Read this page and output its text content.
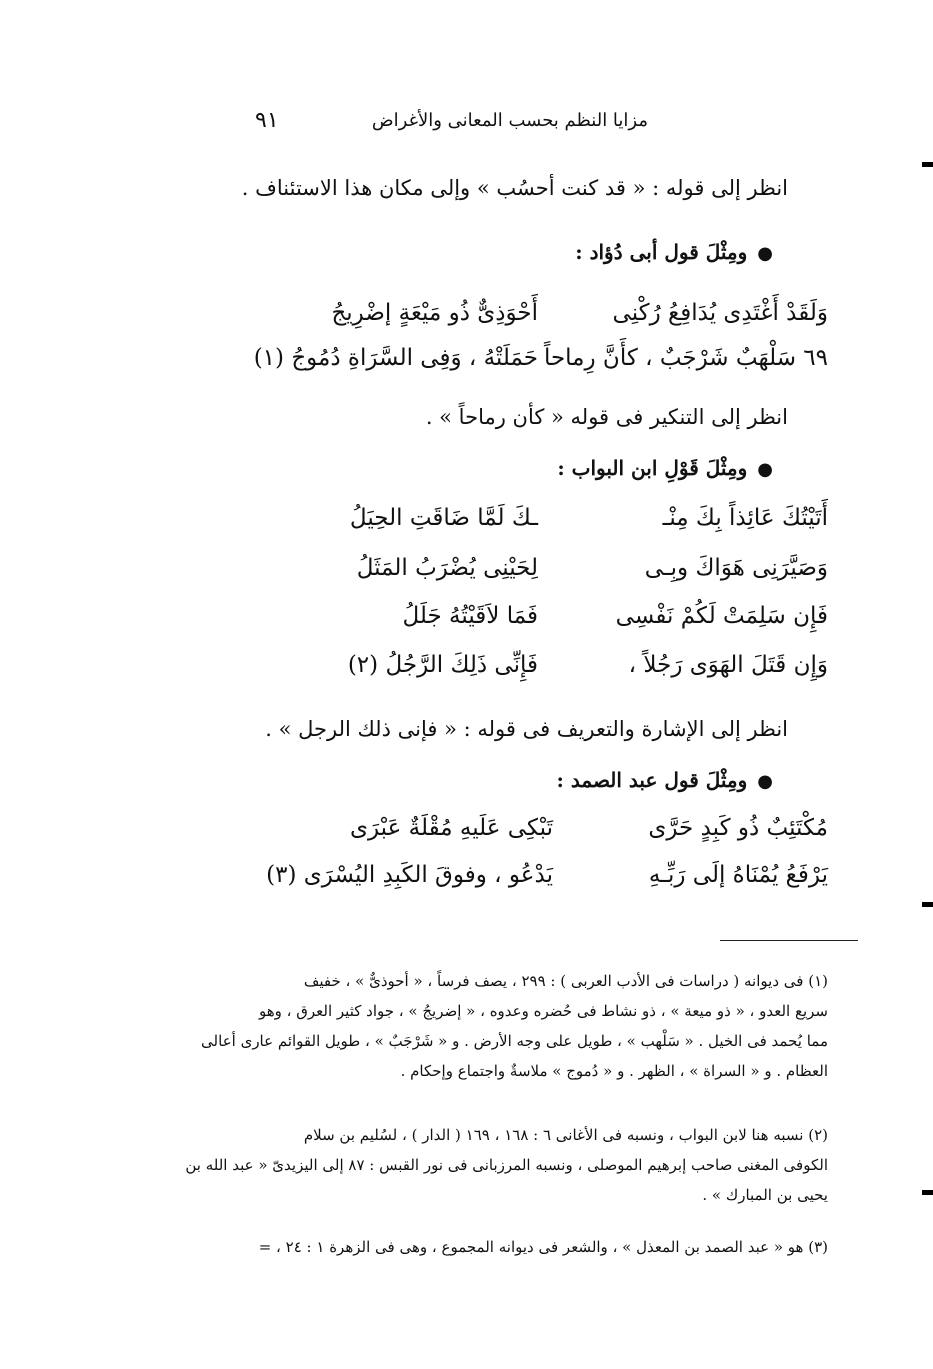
مزايا النظم بحسب المعانى والأغراض
٩١
انظر إلى قوله : « قد كنت أحسُب » وإلى مكان هذا الاستئناف .
●ومِثْلَ قول أبى دُؤاد :
وَلَقَدْ أَغْتَدِى يُدَافِعُ رُكْنِى
أَحْوَذِىٌّ ذُو مَيْعَةٍ إضْرِيجُ
٦٩ سَلْهَبٌ شَرْجَبٌ ، كأَنَّ رِماحاً
حَمَلَتْهُ ، وَفِى السَّرَاةِ دُمُوجُ (١)
انظر إلى التنكير فى قوله « كأن رماحاً » .
●ومِثْلَ قَوْلِ ابن البواب :
أَتَيْتُكَ عَائِذاً بِكَ مِنْـ
ـكَ لَمَّا ضَاقَتِ الحِيَلُ
وَصَيَّرَنِى هَوَاكَ وبِـى
لِحَيْنِى يُضْرَبُ المَثَلُ
فَإِن سَلِمَتْ لَكُمْ نَفْسِى
فَمَا لاَقَيْتُهُ جَلَلُ
وَإِن قَتَلَ الهَوَى رَجُلاً ،
فَإِنِّى ذَلِكَ الرَّجُلُ (٢)
انظر إلى الإشارة والتعريف فى قوله : « فإنى ذلك الرجل » .
●ومِثْلَ قول عبد الصمد :
مُكْتَئِبٌ ذُو كَبِدٍ حَرَّى
تَبْكِى عَلَيهِ مُقْلَةٌ عَبْرَى
يَرْفَعُ يُمْنَاهُ إلَى رَبِّـهِ
يَدْعُو ، وفوقَ الكَبِدِ اليُسْرَى (٣)

(١) فى ديوانه ( دراسات فى الأدب العربى ) : ٢٩٩ ، يصف فرساً ، « أحوذىٌّ » ، خفيف

سريع العدو ، « ذو ميعة » ، ذو نشاط فى حُضره وعدوه ، « إضريجُ » ، جواد كثير العرق ، وهو

مما يُحمد فى الخيل . « سَلْهب » ، طويل على وجه الأرض . و « شَرْجَبٌ » ، طويل القوائم عارى أعالى

العظام . و « السراة » ، الظهر . و « دُموج » ملاسةٌ واجتماع وإحكام .

(٢) نسبه هنا لابن البواب ، ونسبه فى الأغانى ٦ : ١٦٨ ، ١٦٩ ( الدار ) ، لسُليم بن سلام

الكوفى المغنى صاحب إبرهيم الموصلى ، ونسبه المرزبانى فى نور القبس : ٨٧ إلى اليزيدىّ « عبد الله بن

يحيى بن المبارك » .

(٣) هو « عبد الصمد بن المعذل » ، والشعر فى ديوانه المجموع ، وهى فى الزهرة ١ : ٢٤ ، =
